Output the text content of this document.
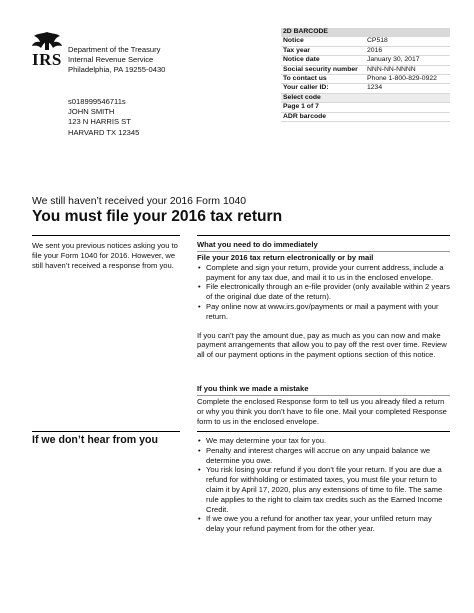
IRS
Department of the Treasury
Internal Revenue Service
Philadelphia, PA 19255-0430
s018999546711s
JOHN SMITH
123 N HARRIS ST
HARVARD TX 12345
2D BARCODE	
Notice	CP518
Tax year	2016
Notice date	January 30, 2017
Social security number	NNN-NN-NNNN
To contact us	Phone 1-800-829-0922
Your caller ID:	1234
Select code	
Page 1 of 7	
ADR barcode	
We still haven’t received your 2016 Form 1040
You must file your 2016 tax return
We sent you previous notices asking you to file your Form 1040 for 2016. However, we still haven’t received a response from you.
What you need to do immediately
File your 2016 tax return electronically or by mail
• Complete and sign your return, provide your current address, include a payment for any tax due, and mail it to us in the enclosed envelope.
• File electronically through an e-file provider (only available within 2 years of the original due date of the return).
• Pay online now at www.irs.gov/payments or mail a payment with your return.
If you can’t pay the amount due, pay as much as you can now and make payment arrangements that allow you to pay off the rest over time. Review all of our payment options in the payment options section of this notice.
If you think we made a mistake
Complete the enclosed Response form to tell us you already filed a return or why you think you don’t have to file one. Mail your completed Response form to us in the enclosed envelope.
If we don’t hear from you	• We may determine your tax for you.
• Penalty and interest charges will accrue on any unpaid balance we determine you owe.
• You risk losing your refund if you don’t file your return. If you are due a refund for withholding or estimated taxes, you must file your return to claim it by April 17, 2020, plus any extensions of time to file. The same rule applies to the right to claim tax credits such as the Earned Income Credit.
• If we owe you a refund for another tax year, your unfiled return may delay your refund payment from for the other year.
